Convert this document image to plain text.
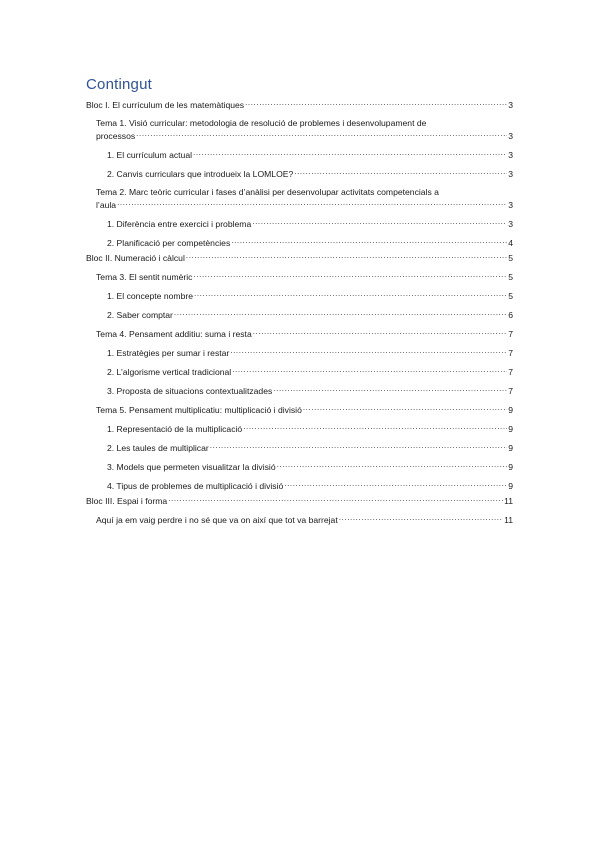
Contingut
Bloc I. El currículum de les matemàtiques .....	3
Tema 1. Visió curricular: metodologia de resolució de problemes i desenvolupament de
processos .....	3
1. El currículum actual .....	3
2. Canvis curriculars que introdueix la LOMLOE? .....	3
Tema 2. Marc teòric curricular i fases d’anàlisi per desenvolupar activitats competencials a
l’aula .....	3
1. Diferència entre exercici i problema .....	3
2. Planificació per competències .....	4
Bloc II. Numeració i càlcul .....	5
Tema 3. El sentit numèric .....	5
1. El concepte nombre .....	5
2. Saber comptar .....	6
Tema 4. Pensament additiu: suma i resta .....	7
1. Estratègies per sumar i restar .....	7
2. L’algorisme vertical tradicional .....	7
3. Proposta de situacions contextualitzades .....	7
Tema 5. Pensament multiplicatiu: multiplicació i divisió .....	9
1. Representació de la multiplicació .....	9
2. Les taules de multiplicar .....	9
3. Models que permeten visualitzar la divisió .....	9
4. Tipus de problemes de multiplicació i divisió .....	9
Bloc III. Espai i forma .....	11
Aquí ja em vaig perdre i no sé que va on així que tot va barrejat .....	11
